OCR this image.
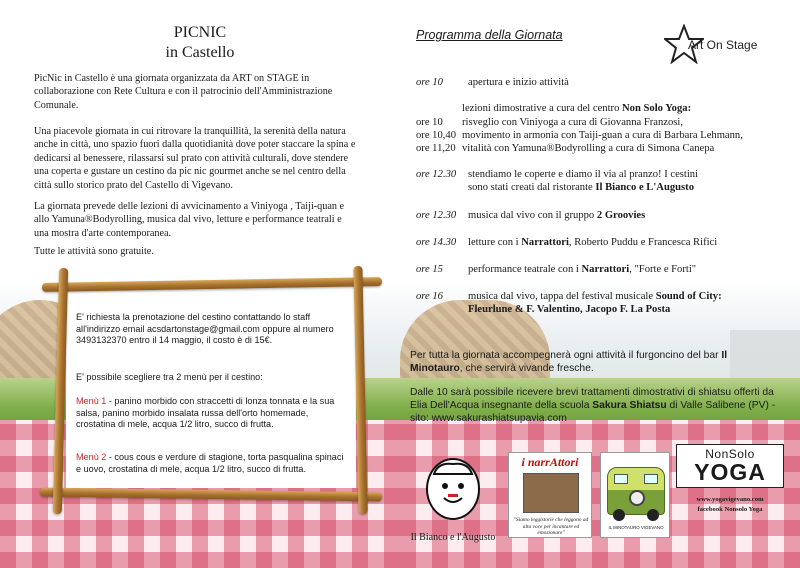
PICNIC
in Castello
PicNic in Castello è una giornata organizzata da ART on STAGE in collaborazione con Rete Cultura e con il patrocinio dell'Amministrazione Comunale.
Una piacevole giornata in cui ritrovare la tranquillità, la serenità della natura anche in città, uno spazio fuori dalla quotidianità dove poter staccare la spina e dedicarsi al benessere, rilassarsi sul prato con attività culturali, dove stendere una coperta e gustare un cestino da pic nic gourmet anche se nel centro della città sullo storico prato del Castello di Vigevano.
La giornata prevede delle lezioni di avvicinamento a Viniyoga , Taiji-quan e allo Yamuna®Bodyrolling, musica dal vivo, letture e performance teatrali e una mostra d'arte contemporanea.
Tutte le attività sono gratuite.
E' richiesta la prenotazione del cestino contattando lo staff all'indirizzo email acsdartonstage@gmail.com oppure al numero 3493132370 entro il 14 maggio, il costo è di 15€.
E' possibile scegliere tra 2 menù per il cestino:
Menù 1 - panino morbido con straccetti di lonza tonnata e la sua salsa, panino morbido insalata russa dell'orto homemade, crostatina di mele, acqua 1/2 litro, succo di frutta.
Menù 2 - cous cous e verdure di stagione, torta pasqualina spinaci e uovo, crostatina di mele, acqua 1/2 litro, succo di frutta.
Programma della Giornata
Art On Stage
ore 10 apertura e inizio attività
lezioni dimostrative a cura del centro Non Solo Yoga:
ore 10 risveglio con Viniyoga a cura di Giovanna Franzosi,
ore 10,40 movimento in armonia con Taiji-guan a cura di Barbara Lehmann,
ore 11,20 vitalità con Yamuna®Bodyrolling a cura di Simona Canepa
ore 12.30 stendiamo le coperte e diamo il via al pranzo! I cestini
sono stati creati dal ristorante Il Bianco e L'Augusto
ore 12.30 musica dal vivo con il gruppo 2 Groovies
ore 14.30 letture con i Narrattori, Roberto Puddu e Francesca Rifici
ore 15 performance teatrale con i Narrattori, "Forte e Forti"
ore 16 musica dal vivo, tappa del festival musicale Sound of City:
Fleurlune & F. Valentino, Jacopo F. La Posta
Per tutta la giornata accompegnerà ogni attività il furgoncino del bar Il Minotauro, che servirà vivande fresche.
Dalle 10 sarà possibile ricevere brevi trattamenti dimostrativi di shiatsu offerti da Elia Dell'Acqua insegnante della scuola Sakura Shiatsu di Valle Salibene (PV) - sito: www.sakurashiatsupavia.com
Il Bianco e l'Augusto
i narrAttori
"Siamo leggistorie che leggono ad alta voce per incantare ed emozionare"
IL MINOTAURO VIGEVANO
NonSolo
YOGA
www.yogavigevano.com
facebook Nonsolo Yoga
